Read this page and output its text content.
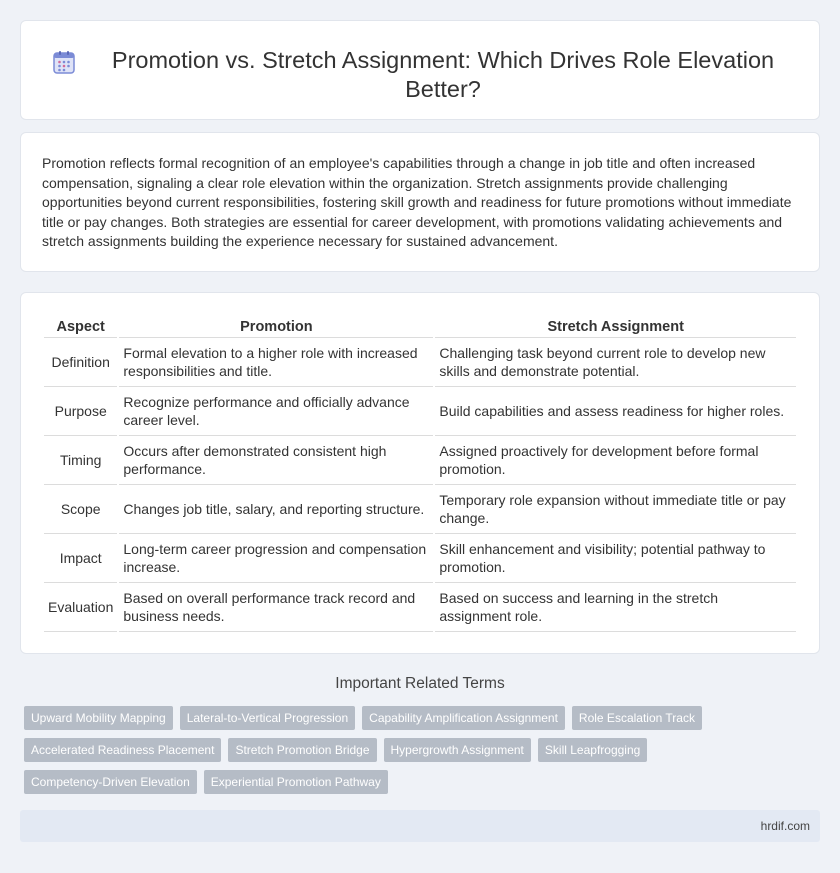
Promotion vs. Stretch Assignment: Which Drives Role Elevation Better?

Promotion reflects formal recognition of an employee's capabilities through a change in job title and often increased compensation, signaling a clear role elevation within the organization. Stretch assignments provide challenging opportunities beyond current responsibilities, fostering skill growth and readiness for future promotions without immediate title or pay changes. Both strategies are essential for career development, with promotions validating achievements and stretch assignments building the experience necessary for sustained advancement.

Aspect	Promotion	Stretch Assignment
Definition	Formal elevation to a higher role with increased responsibilities and title.	Challenging task beyond current role to develop new skills and demonstrate potential.
Purpose	Recognize performance and officially advance career level.	Build capabilities and assess readiness for higher roles.
Timing	Occurs after demonstrated consistent high performance.	Assigned proactively for development before formal promotion.
Scope	Changes job title, salary, and reporting structure.	Temporary role expansion without immediate title or pay change.
Impact	Long-term career progression and compensation increase.	Skill enhancement and visibility; potential pathway to promotion.
Evaluation	Based on overall performance track record and business needs.	Based on success and learning in the stretch assignment role.
Important Related Terms
Upward Mobility Mapping	Lateral-to-Vertical Progression	Capability Amplification Assignment	Role Escalation Track
Accelerated Readiness Placement	Stretch Promotion Bridge	Hypergrowth Assignment	Skill Leapfrogging
Competency-Driven Elevation	Experiential Promotion Pathway
hrdif.com
